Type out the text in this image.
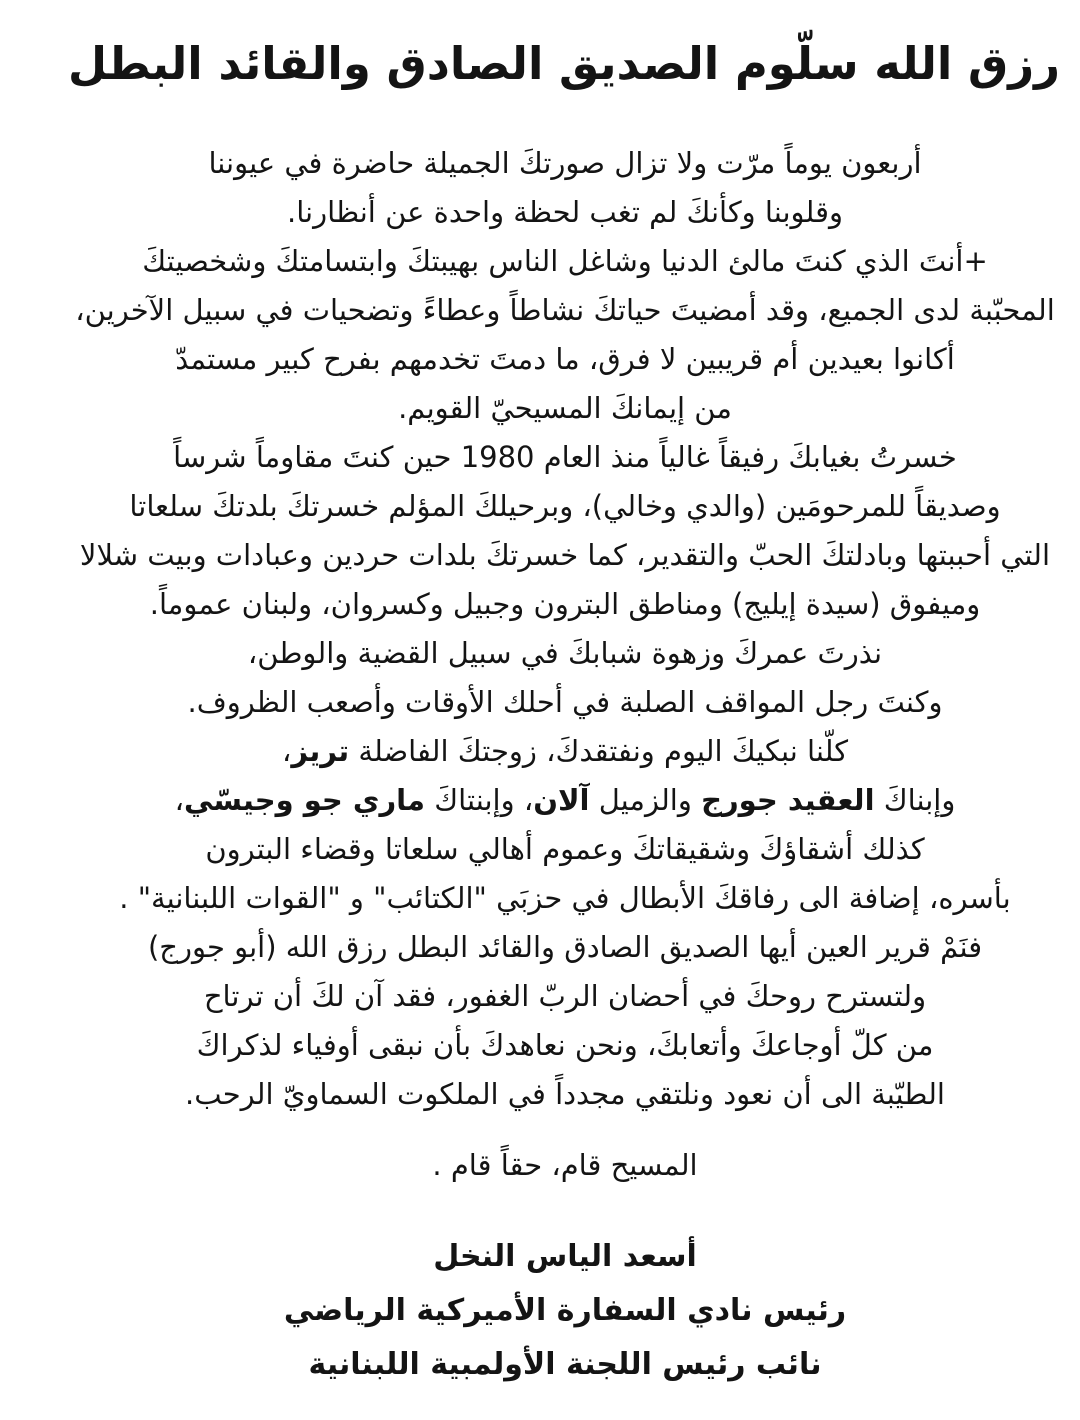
رزق الله سلّوم الصديق الصادق والقائد البطل
أربعون يوماً مرّت ولا تزال صورتكَ الجميلة حاضرة في عيوننا
وقلوبنا وكأنكَ لم تغب لحظة واحدة عن أنظارنا.
+أنتَ الذي كنتَ مالئ الدنيا وشاغل الناس بهيبتكَ وابتسامتكَ وشخصيتكَ
المحبّبة لدى الجميع، وقد أمضيتَ حياتكَ نشاطاً وعطاءً وتضحيات في سبيل الآخرين،
أكانوا بعيدين أم قريبين لا فرق، ما دمتَ تخدمهم بفرح كبير مستمدّ
من إيمانكَ المسيحيّ القويم.
خسرتُ بغيابكَ رفيقاً غالياً منذ العام 1980 حين كنتَ مقاوماً شرساً
وصديقاً للمرحومَين (والدي وخالي)، وبرحيلكَ المؤلم خسرتكَ بلدتكَ سلعاتا
التي أحببتها وبادلتكَ الحبّ والتقدير، كما خسرتكَ بلدات حردين وعبادات وبيت شلالا
وميفوق (سيدة إيليج) ومناطق البترون وجبيل وكسروان، ولبنان عموماً.
نذرتَ عمركَ وزهوة شبابكَ في سبيل القضية والوطن،
وكنتَ رجل المواقف الصلبة في أحلك الأوقات وأصعب الظروف.
كلّنا نبكيكَ اليوم ونفتقدكَ، زوجتكَ الفاضلة تريز،
وإبناكَ العقيد جورج والزميل آلان، وإبنتاكَ ماري جو وجيسّي،
كذلك أشقاؤكَ وشقيقاتكَ وعموم أهالي سلعاتا وقضاء البترون
بأسره، إضافة الى رفاقكَ الأبطال في حزبَي "الكتائب" و "القوات اللبنانية" .
فنَمْ قرير العين أيها الصديق الصادق والقائد البطل رزق الله (أبو جورج)
ولتسترح روحكَ في أحضان الربّ الغفور، فقد آن لكَ أن ترتاح
من كلّ أوجاعكَ وأتعابكَ، ونحن نعاهدكَ بأن نبقى أوفياء لذكراكَ
الطيّبة الى أن نعود ونلتقي مجدداً في الملكوت السماويّ الرحب.
المسيح قام، حقاً قام .
أسعد الياس النخل
رئيس نادي السفارة الأميركية الرياضي
نائب رئيس اللجنة الأولمبية اللبنانية
